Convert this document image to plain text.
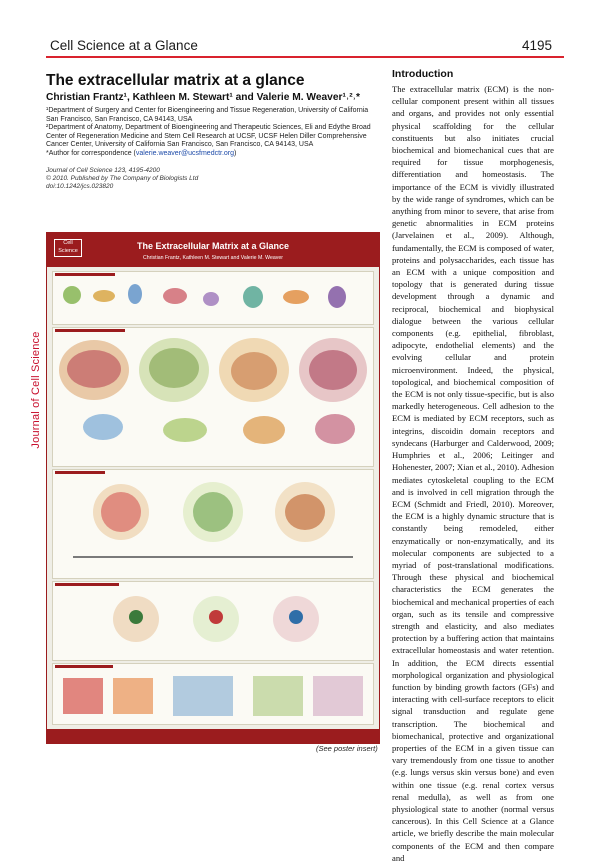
Cell Science at a Glance	4195
Journal of Cell Science
The extracellular matrix at a glance
Christian Frantz¹, Kathleen M. Stewart¹ and Valerie M. Weaver¹˒²˒*

¹Department of Surgery and Center for Bioengineering and Tissue Regeneration, University of California San Francisco, San Francisco, CA 94143, USA

²Department of Anatomy, Department of Bioengineering and Therapeutic Sciences, Eli and Edythe Broad Center of Regeneration Medicine and Stem Cell Research at UCSF, UCSF Helen Diller Comprehensive Cancer Center, University of California San Francisco, San Francisco, CA 94143, USA

*Author for correspondence (valerie.weaver@ucsfmedctr.org)

Journal of Cell Science 123, 4195-4200
© 2010. Published by The Company of Biologists Ltd
doi:10.1242/jcs.023820
Cell Science	The Extracellular Matrix at a Glance
Christian Frantz, Kathleen M. Stewart and Valerie M. Weaver
(See poster insert)
Introduction
The extracellular matrix (ECM) is the non-cellular component present within all tissues and organs, and provides not only essential physical scaffolding for the cellular constituents but also initiates crucial biochemical and biomechanical cues that are required for tissue morphogenesis, differentiation and homeostasis. The importance of the ECM is vividly illustrated by the wide range of syndromes, which can be anything from minor to severe, that arise from genetic abnormalities in ECM proteins (Jarvelainen et al., 2009). Although, fundamentally, the ECM is composed of water, proteins and polysaccharides, each tissue has an ECM with a unique composition and topology that is generated during tissue development through a dynamic and reciprocal, biochemical and biophysical dialogue between the various cellular components (e.g. epithelial, fibroblast, adipocyte, endothelial elements) and the evolving cellular and protein microenvironment. Indeed, the physical, topological, and biochemical composition of the ECM is not only tissue-specific, but is also markedly heterogeneous. Cell adhesion to the ECM is mediated by ECM receptors, such as integrins, discoidin domain receptors and syndecans (Harburger and Calderwood, 2009; Humphries et al., 2006; Leitinger and Hohenester, 2007; Xian et al., 2010). Adhesion mediates cytoskeletal coupling to the ECM and is involved in cell migration through the ECM (Schmidt and Friedl, 2010). Moreover, the ECM is a highly dynamic structure that is constantly being remodeled, either enzymatically or non-enzymatically, and its molecular components are subjected to a myriad of post-translational modifications. Through these physical and biochemical characteristics the ECM generates the biochemical and mechanical properties of each organ, such as its tensile and compressive strength and elasticity, and also mediates protection by a buffering action that maintains extracellular homeostasis and water retention. In addition, the ECM directs essential morphological organization and physiological function by binding growth factors (GFs) and interacting with cell-surface receptors to elicit signal transduction and regulate gene transcription. The biochemical and biomechanical, protective and organizational properties of the ECM in a given tissue can vary tremendously from one tissue to another (e.g. lungs versus skin versus bone) and even within one tissue (e.g. renal cortex versus renal medulla), as well as from one physiological state to another (normal versus cancerous). In this Cell Science at a Glance article, we briefly describe the main molecular components of the ECM and then compare and
